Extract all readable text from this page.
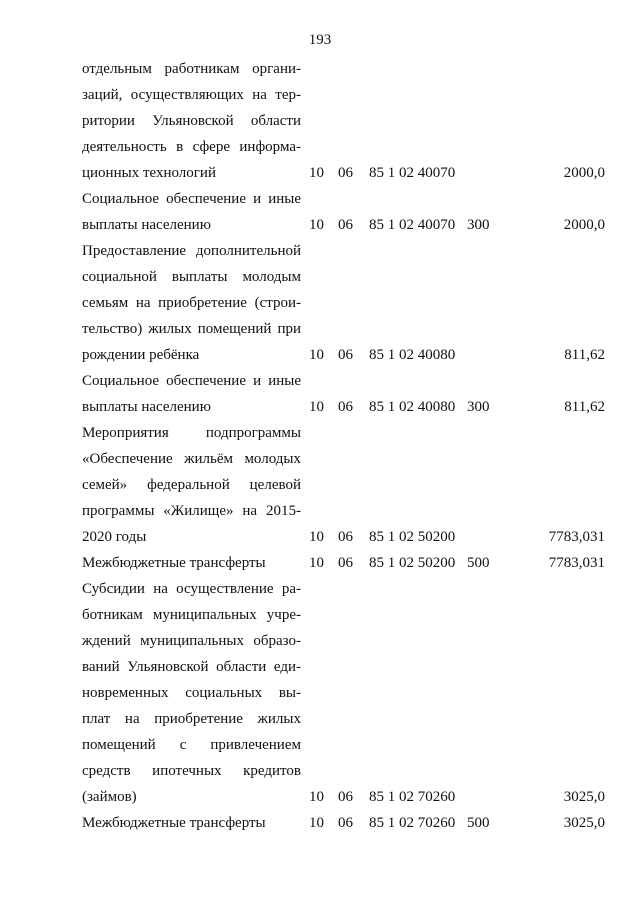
193
отдельным работникам органи-
заций, осуществляющих на тер-
ритории Ульяновской области
деятельность в сфере информа-
ционных технологий	10 06 85 1 02 40070	2000,0
Социальное обеспечение и иные
выплаты населению	10 06 85 1 02 40070 300	2000,0
Предоставление дополнительной
социальной выплаты молодым
семьям на приобретение (строи-
тельство) жилых помещений при
рождении ребёнка	10 06 85 1 02 40080	811,62
Социальное обеспечение и иные
выплаты населению	10 06 85 1 02 40080 300	811,62
Мероприятия подпрограммы
«Обеспечение жильём молодых
семей» федеральной целевой
программы «Жилище» на 2015-
2020 годы	10 06 85 1 02 50200	7783,031
Межбюджетные трансферты	10 06 85 1 02 50200 500	7783,031
Субсидии на осуществление ра-
ботникам муниципальных учре-
ждений муниципальных образо-
ваний Ульяновской области еди-
новременных социальных вы-
плат на приобретение жилых
помещений с привлечением
средств ипотечных кредитов
(займов)	10 06 85 1 02 70260	3025,0
Межбюджетные трансферты	10 06 85 1 02 70260 500	3025,0
